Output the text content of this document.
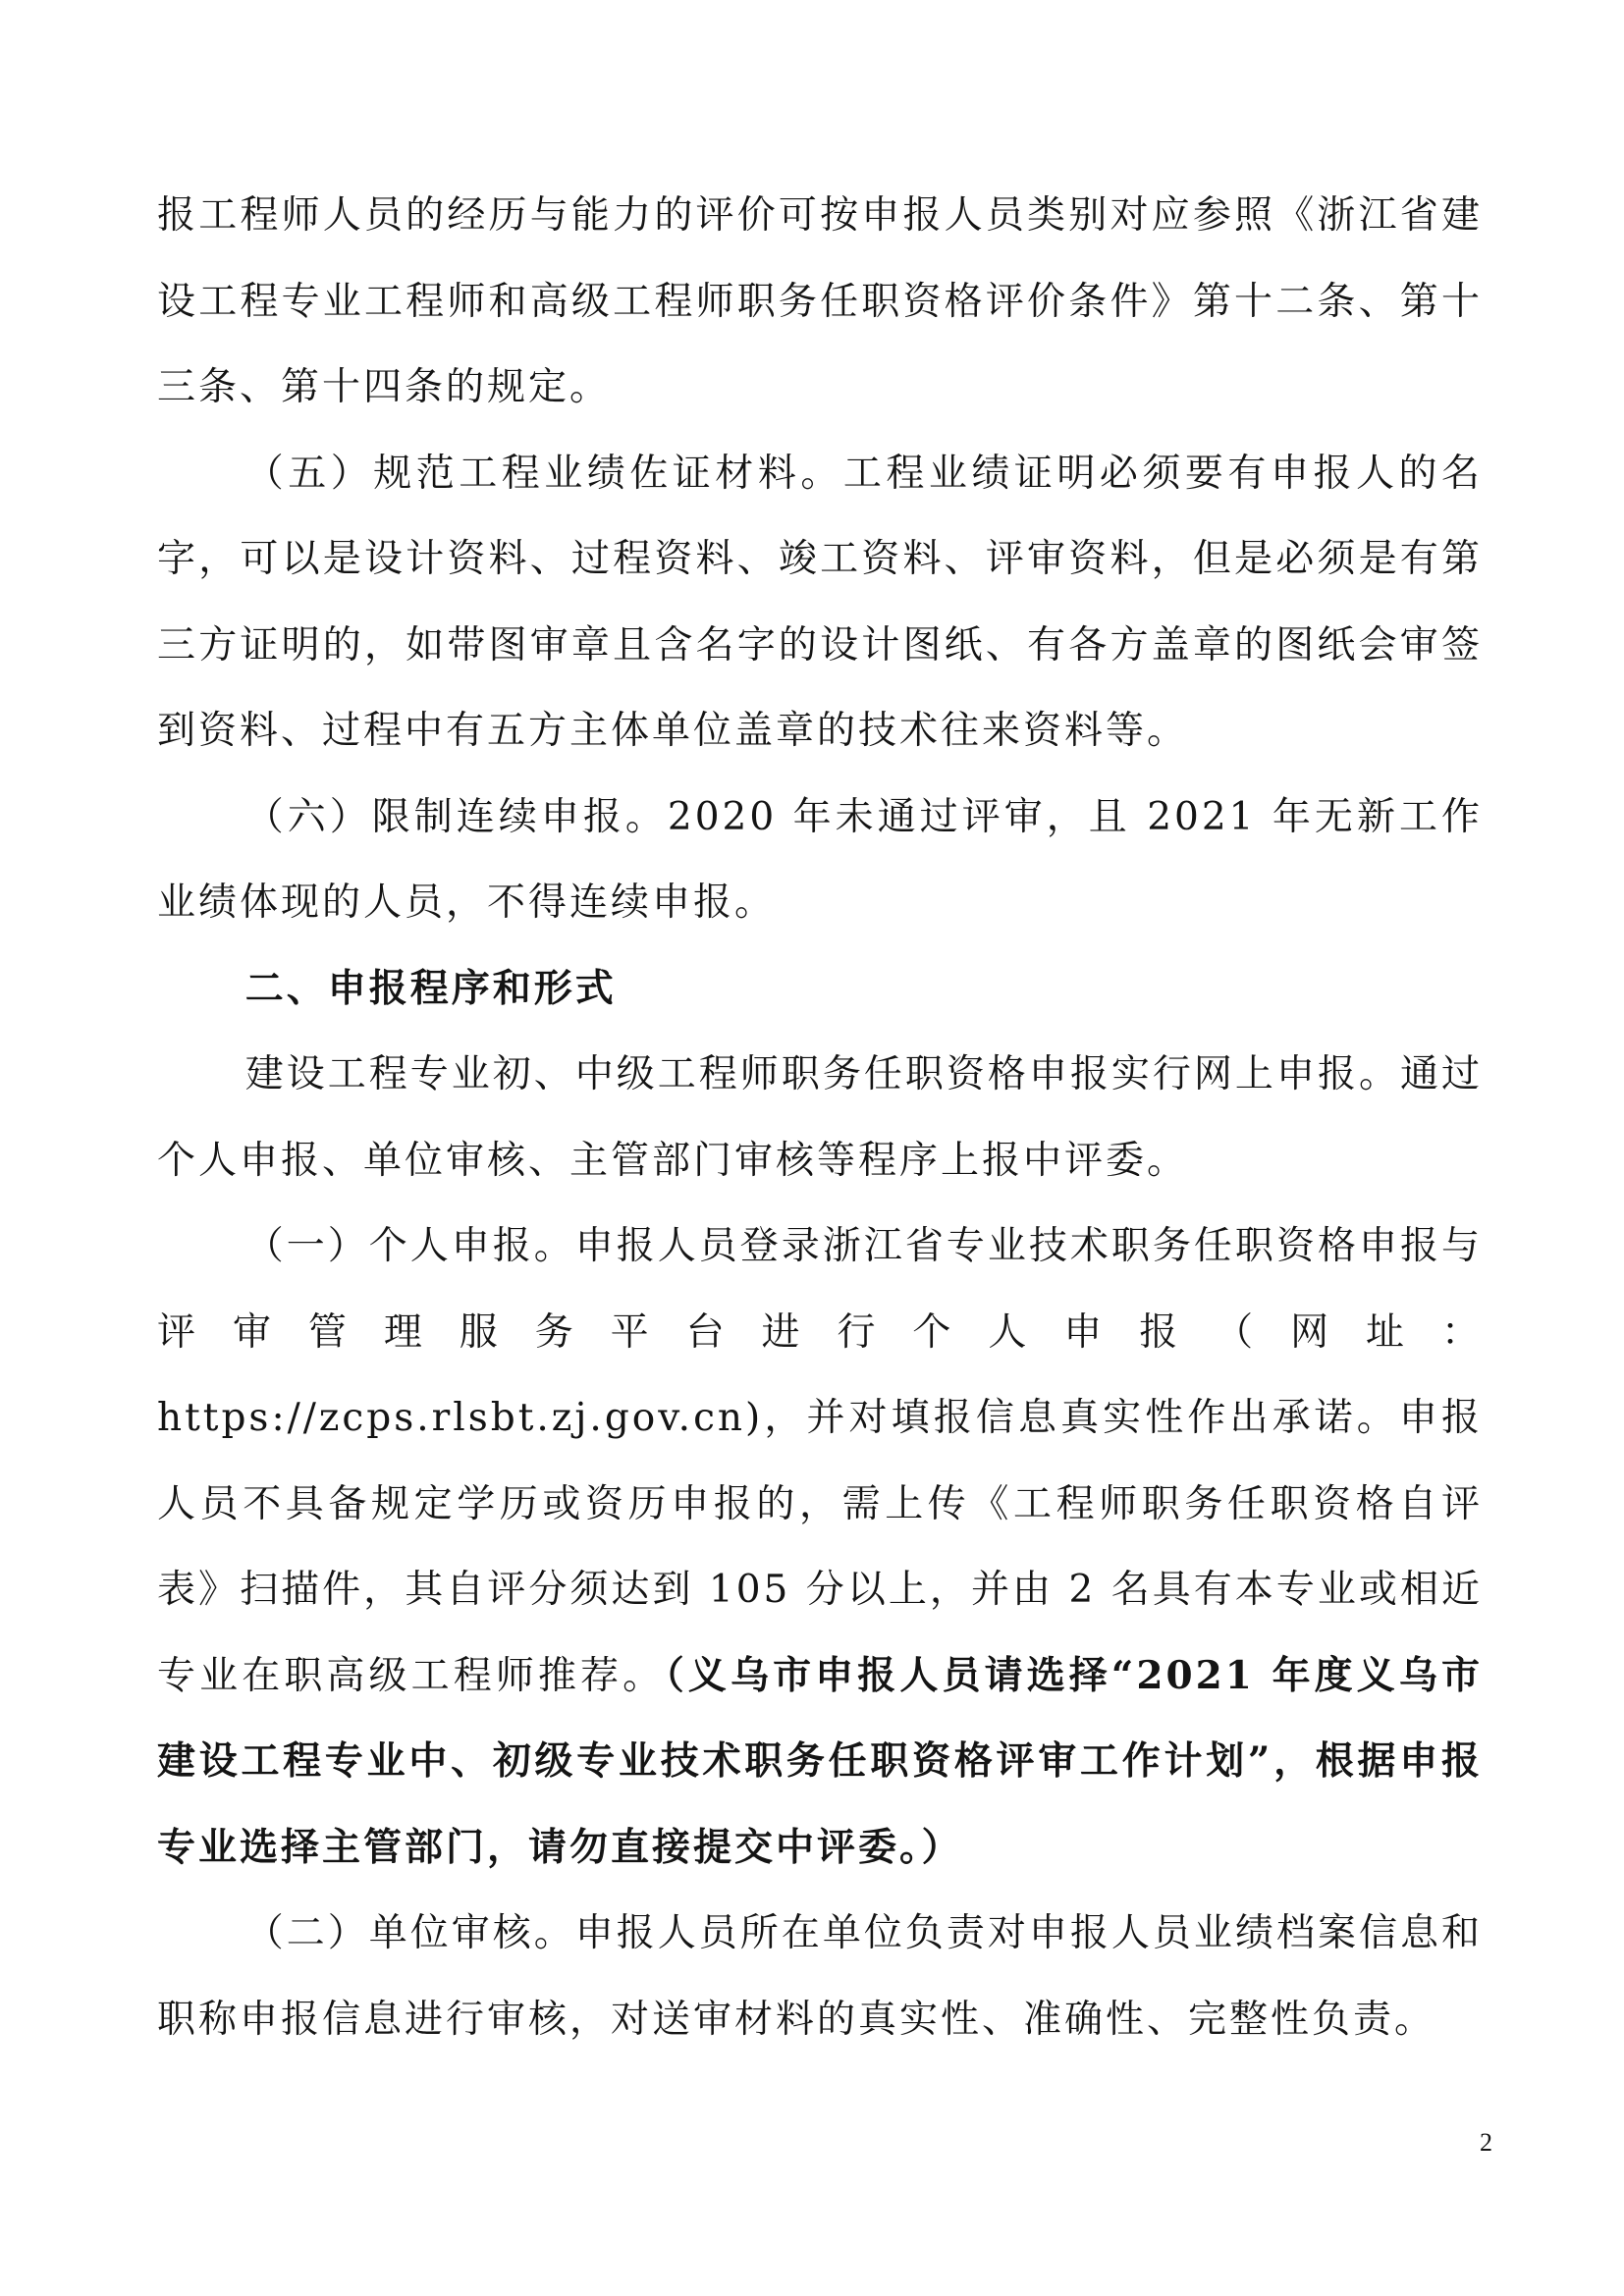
报工程师人员的经历与能力的评价可按申报人员类别对应参照《浙江省建设工程专业工程师和高级工程师职务任职资格评价条件》第十二条、第十三条、第十四条的规定。

（五）规范工程业绩佐证材料。工程业绩证明必须要有申报人的名字，可以是设计资料、过程资料、竣工资料、评审资料，但是必须是有第三方证明的，如带图审章且含名字的设计图纸、有各方盖章的图纸会审签到资料、过程中有五方主体单位盖章的技术往来资料等。

（六）限制连续申报。2020 年未通过评审，且 2021 年无新工作业绩体现的人员，不得连续申报。

二、申报程序和形式

建设工程专业初、中级工程师职务任职资格申报实行网上申报。通过个人申报、单位审核、主管部门审核等程序上报中评委。

（一）个人申报。申报人员登录浙江省专业技术职务任职资格申报与评审管理服务平台进行个人申报（网址：https://zcps.rlsbt.zj.gov.cn)，并对填报信息真实性作出承诺。申报人员不具备规定学历或资历申报的，需上传《工程师职务任职资格自评表》扫描件，其自评分须达到 105 分以上，并由 2 名具有本专业或相近专业在职高级工程师推荐。（义乌市申报人员请选择“2021 年度义乌市建设工程专业中、初级专业技术职务任职资格评审工作计划”，根据申报专业选择主管部门，请勿直接提交中评委。）

（二）单位审核。申报人员所在单位负责对申报人员业绩档案信息和职称申报信息进行审核，对送审材料的真实性、准确性、完整性负责。

2
